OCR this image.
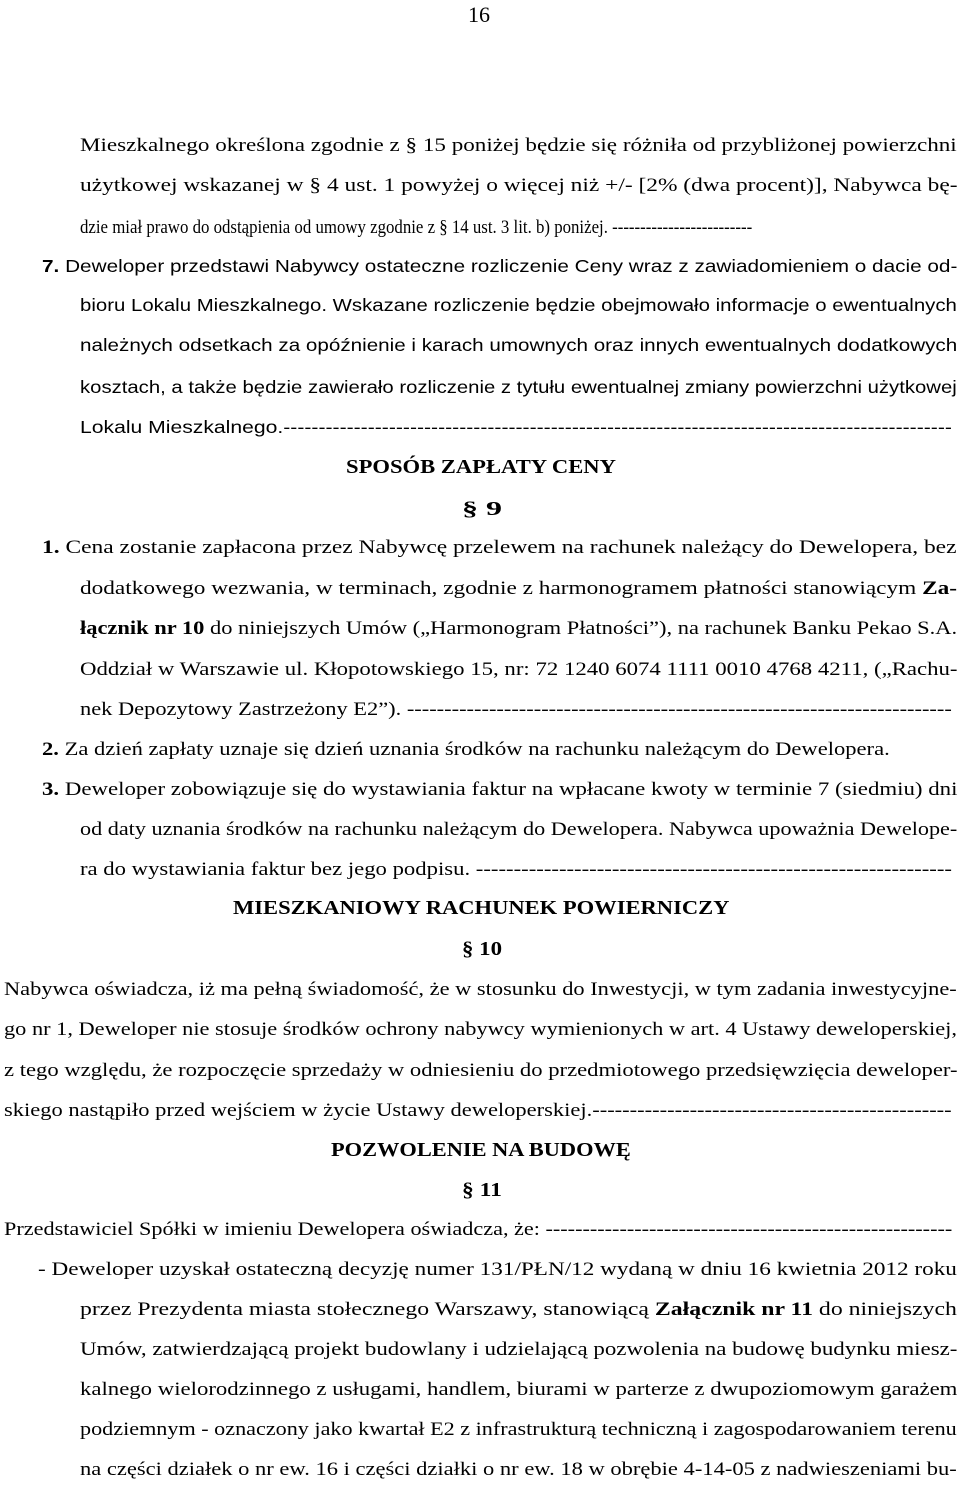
16
Mieszkalnego określona zgodnie z § 15 poniżej będzie się różniła od przybliżonej powierzchni
użytkowej wskazanej w § 4 ust. 1 powyżej o więcej niż +/- [2% (dwa procent)], Nabywca bę-
dzie miał prawo do odstąpienia od umowy zgodnie z § 14 ust. 3 lit. b) poniżej. -------------------------
7. Deweloper przedstawi Nabywcy ostateczne rozliczenie Ceny wraz z zawiadomieniem o dacie od-
bioru Lokalu Mieszkalnego. Wskazane rozliczenie będzie obejmowało informacje o ewentualnych
należnych odsetkach za opóźnienie i karach umownych oraz innych ewentualnych dodatkowych
kosztach, a także będzie zawierało rozliczenie z tytułu ewentualnej zmiany powierzchni użytkowej
Lokalu Mieszkalnego.-----------------------------------------------------------------------------------------------
SPOSÓB ZAPŁATY CENY
§ 9
1. Cena zostanie zapłacona przez Nabywcę przelewem na rachunek należący do Dewelopera, bez
dodatkowego wezwania, w terminach, zgodnie z harmonogramem płatności stanowiącym Za-
łącznik nr 10 do niniejszych Umów („Harmonogram Płatności”), na rachunek Banku Pekao S.A.
Oddział w Warszawie ul. Kłopotowskiego 15, nr: 72 1240 6074 1111 0010 4768 4211, („Rachu-
nek Depozytowy Zastrzeżony E2”). -------------------------------------------------------------------------
2. Za dzień zapłaty uznaje się dzień uznania środków na rachunku należącym do Dewelopera.
3. Deweloper zobowiązuje się do wystawiania faktur na wpłacane kwoty w terminie 7 (siedmiu) dni
od daty uznania środków na rachunku należącym do Dewelopera. Nabywca upoważnia Dewelope-
ra do wystawiania faktur bez jego podpisu. ---------------------------------------------------------------
MIESZKANIOWY RACHUNEK POWIERNICZY
§ 10
Nabywca oświadcza, iż ma pełną świadomość, że w stosunku do Inwestycji, w tym zadania inwestycyjne-
go nr 1, Deweloper nie stosuje środków ochrony nabywcy wymienionych w art. 4 Ustawy deweloperskiej,
z tego względu, że rozpoczęcie sprzedaży w odniesieniu do przedmiotowego przedsięwzięcia deweloper-
skiego nastąpiło przed wejściem w życie Ustawy deweloperskiej.------------------------------------------------
POZWOLENIE NA BUDOWĘ
§ 11
Przedstawiciel Spółki w imieniu Dewelopera oświadcza, że: -------------------------------------------------------
- Deweloper uzyskał ostateczną decyzję numer 131/PŁN/12 wydaną w dniu 16 kwietnia 2012 roku
przez Prezydenta miasta stołecznego Warszawy, stanowiącą Załącznik nr 11 do niniejszych
Umów, zatwierdzającą projekt budowlany i udzielającą pozwolenia na budowę budynku miesz-
kalnego wielorodzinnego z usługami, handlem, biurami w parterze z dwupoziomowym garażem
podziemnym - oznaczony jako kwartał E2 z infrastrukturą techniczną i zagospodarowaniem terenu
na części działek o nr ew. 16 i części działki o nr ew. 18 w obrębie 4-14-05 z nadwieszeniami bu-
